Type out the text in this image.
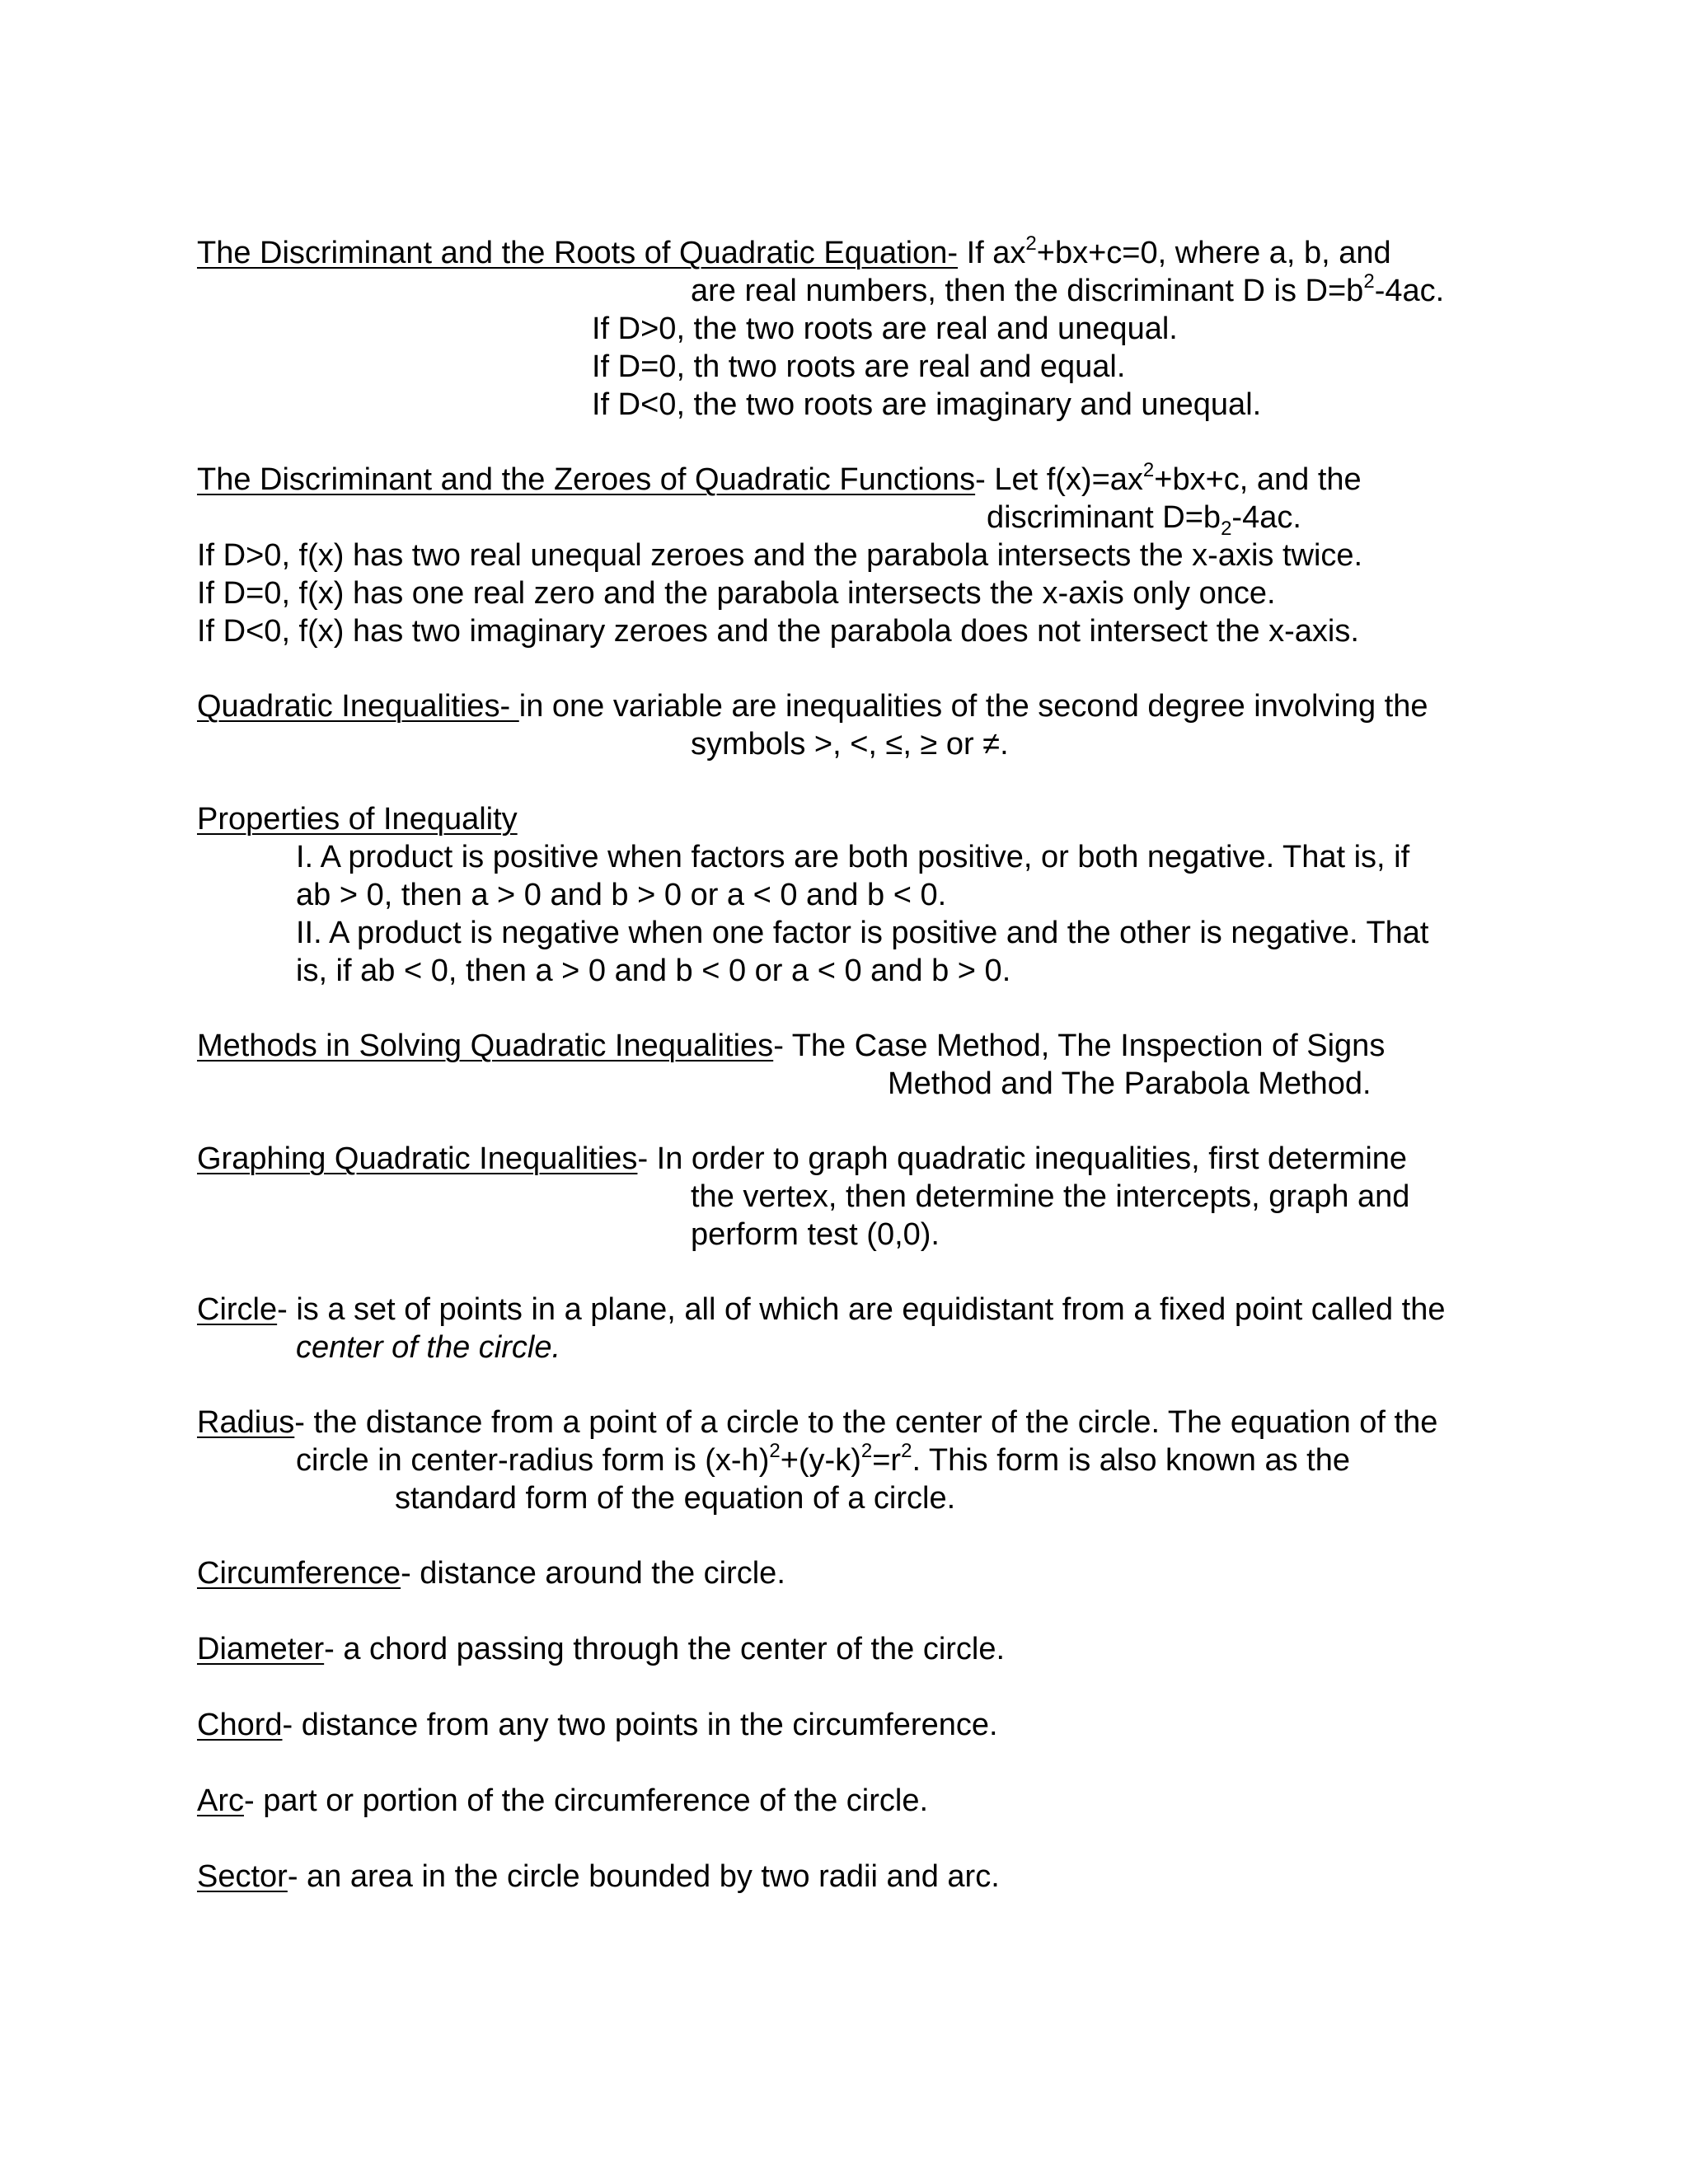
The Discriminant and the Roots of Quadratic Equation- If $ax^2+bx+c=0$, where a, b, and
are real numbers, then the discriminant D is $D=b^2-4ac$.
If D>0, the two roots are real and unequal.
If D=0, th two roots are real and equal.
If D<0, the two roots are imaginary and unequal.
The Discriminant and the Zeroes of Quadratic Functions- Let $f(x)=ax^2+bx+c$, and the
discriminant $D=b_2-4ac$.
If D>0, f(x) has two real unequal zeroes and the parabola intersects the x-axis twice.
If D=0, f(x) has one real zero and the parabola intersects the x-axis only once.
If D<0, f(x) has two imaginary zeroes and the parabola does not intersect the x-axis.
Quadratic Inequalities- in one variable are inequalities of the second degree involving the
symbols >, <, ≤, ≥ or ≠.
Properties of Inequality
I. A product is positive when factors are both positive, or both negative. That is, if
ab > 0, then a > 0 and b > 0 or a < 0 and b < 0.
II. A product is negative when one factor is positive and the other is negative. That
is, if ab < 0, then a > 0 and b < 0 or a < 0 and b > 0.
Methods in Solving Quadratic Inequalities- The Case Method, The Inspection of Signs
Method and The Parabola Method.
Graphing Quadratic Inequalities- In order to graph quadratic inequalities, first determine
the vertex, then determine the intercepts, graph and
perform test (0,0).
Circle- is a set of points in a plane, all of which are equidistant from a fixed point called the
center of the circle.
Radius- the distance from a point of a circle to the center of the circle. The equation of the
circle in center-radius form is $(x-h)^2+(y-k)^2=r^2$. This form is also known as the
standard form of the equation of a circle.
Circumference- distance around the circle.
Diameter- a chord passing through the center of the circle.
Chord- distance from any two points in the circumference.
Arc- part or portion of the circumference of the circle.
Sector- an area in the circle bounded by two radii and arc.
